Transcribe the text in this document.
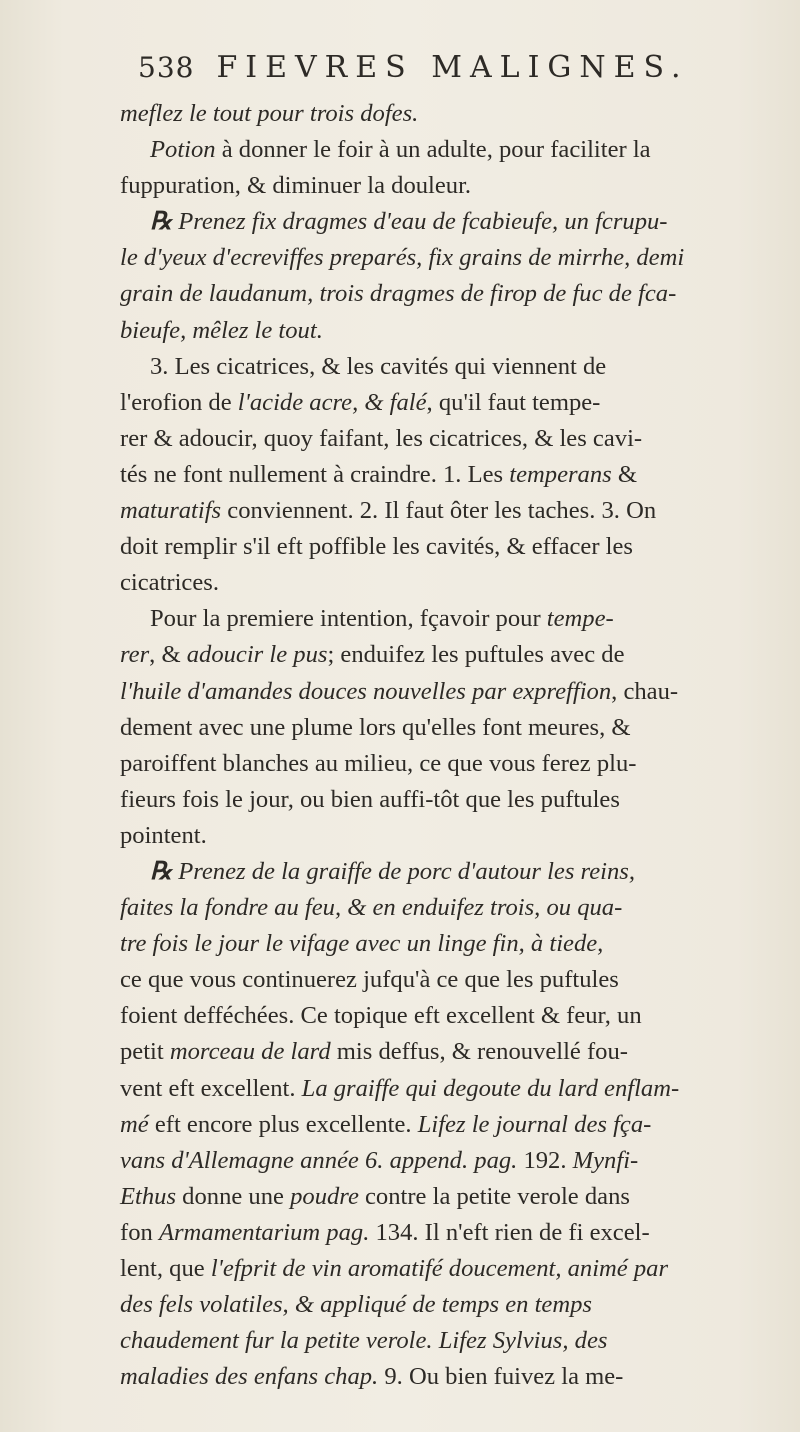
538 FIEVRES MALIGNES.
meflez le tout pour trois dofes.
Potion à donner le foir à un adulte, pour faciliter la
fuppuration, & diminuer la douleur.
℞ Prenez fix dragmes d'eau de fcabieufe, un fcrupu-
le d'yeux d'ecreviffes preparés, fix grains de mirrhe, demi
grain de laudanum, trois dragmes de firop de fuc de fca-
bieufe, mêlez le tout.
3. Les cicatrices, & les cavités qui viennent de
l'erofion de l'acide acre, & falé, qu'il faut tempe-
rer & adoucir, quoy faifant, les cicatrices, & les cavi-
tés ne font nullement à craindre. 1. Les temperans &
maturatifs conviennent. 2. Il faut ôter les taches. 3. On
doit remplir s'il eft poffible les cavités, & effacer les
cicatrices.
Pour la premiere intention, fçavoir pour tempe-
rer, & adoucir le pus; enduifez les puftules avec de
l'huile d'amandes douces nouvelles par expreffion, chau-
dement avec une plume lors qu'elles font meures, &
paroiffent blanches au milieu, ce que vous ferez plu-
fieurs fois le jour, ou bien auffi-tôt que les puftules
pointent.
℞ Prenez de la graiffe de porc d'autour les reins,
faites la fondre au feu, & en enduifez trois, ou qua-
tre fois le jour le vifage avec un linge fin, à tiede,
ce que vous continuerez jufqu'à ce que les puftules
foient defféchées. Ce topique eft excellent & feur, un
petit morceau de lard mis deffus, & renouvellé fou-
vent eft excellent. La graiffe qui degoute du lard enflam-
mé eft encore plus excellente. Lifez le journal des fça-
vans d'Allemagne année 6. append. pag. 192. Mynfi-
Ethus donne une poudre contre la petite verole dans
fon Armamentarium pag. 134. Il n'eft rien de fi excel-
lent, que l'efprit de vin aromatifé doucement, animé par
des fels volatiles, & appliqué de temps en temps
chaudement fur la petite verole. Lifez Sylvius, des
maladies des enfans chap. 9. Ou bien fuivez la me-
